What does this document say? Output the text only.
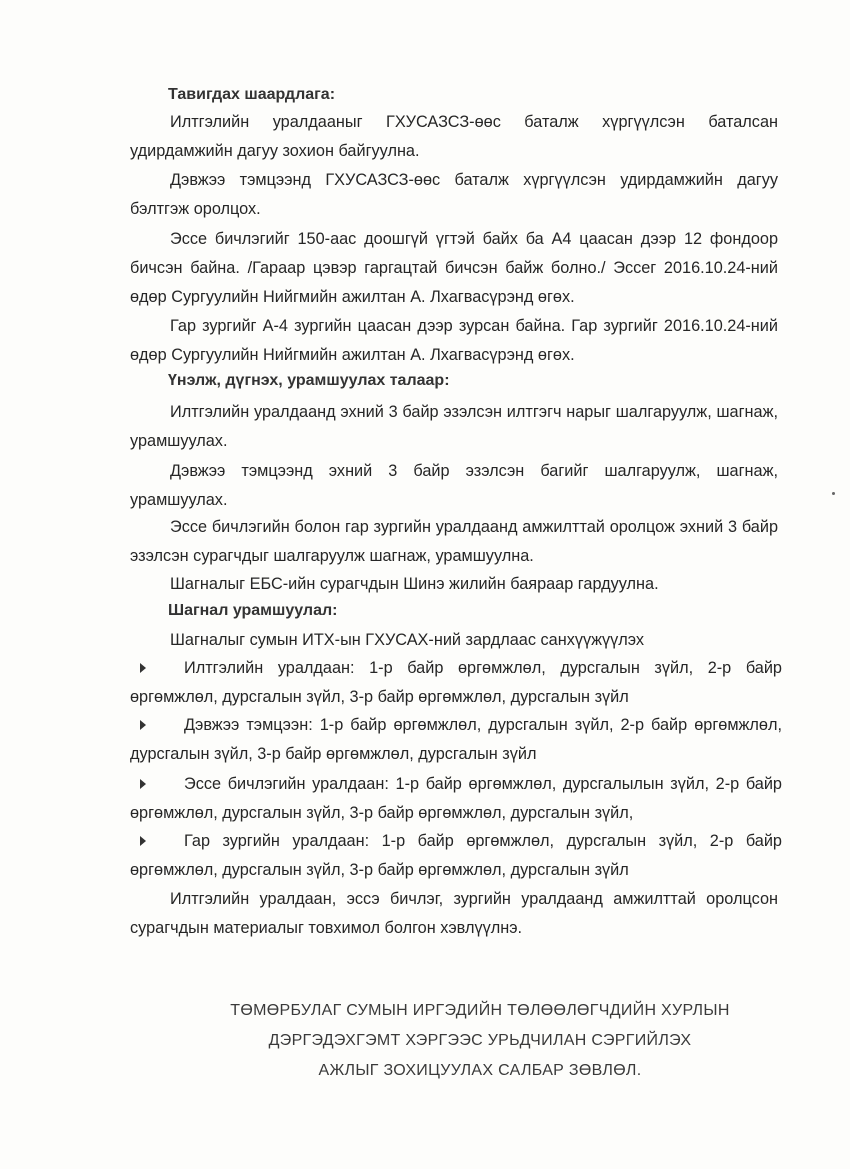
Тавигдах шаардлага:
Илтгэлийн уралдааныг ГХУСАЗСЗ-өөс баталж хүргүүлсэн баталсан удирдамжийн дагуу зохион байгуулна.
Дэвжээ тэмцээнд ГХУСАЗСЗ-өөс баталж хүргүүлсэн удирдамжийн дагуу бэлтгэж оролцох.
Эссе бичлэгийг 150-аас доошгүй үгтэй байх ба А4 цаасан дээр 12 фондоор бичсэн байна. /Гараар цэвэр гаргацтай бичсэн байж болно./ Эссег 2016.10.24-ний өдөр Сургуулийн Нийгмийн ажилтан А. Лхагвасүрэнд өгөх.
Гар зургийг А-4 зургийн цаасан дээр зурсан байна. Гар зургийг 2016.10.24-ний өдөр Сургуулийн Нийгмийн ажилтан А. Лхагвасүрэнд өгөх.
Үнэлж, дүгнэх, урамшуулах талаар:
Илтгэлийн уралдаанд эхний 3 байр эзэлсэн илтгэгч нарыг шалгаруулж, шагнаж, урамшуулах.
Дэвжээ тэмцээнд эхний 3 байр эзэлсэн багийг шалгаруулж, шагнаж, урамшуулах.
Эссе бичлэгийн болон гар зургийн уралдаанд амжилттай оролцож эхний 3 байр эзэлсэн сурагчдыг шалгаруулж шагнаж, урамшуулна.
Шагналыг ЕБС-ийн сурагчдын Шинэ жилийн баяраар гардуулна.
Шагнал урамшуулал:
Шагналыг сумын ИТХ-ын ГХУСАХ-ний зардлаас санхүүжүүлэх
Илтгэлийн уралдаан: 1-р байр өргөмжлөл, дурсгалын зүйл, 2-р байр өргөмжлөл, дурсгалын зүйл, 3-р байр өргөмжлөл, дурсгалын зүйл
Дэвжээ тэмцээн: 1-р байр өргөмжлөл, дурсгалын зүйл, 2-р байр өргөмжлөл, дурсгалын зүйл, 3-р байр өргөмжлөл, дурсгалын зүйл
Эссе бичлэгийн уралдаан: 1-р байр өргөмжлөл, дурсгалылын зүйл, 2-р байр өргөмжлөл, дурсгалын зүйл, 3-р байр өргөмжлөл, дурсгалын зүйл,
Гар зургийн уралдаан: 1-р байр өргөмжлөл, дурсгалын зүйл, 2-р байр өргөмжлөл, дурсгалын зүйл, 3-р байр өргөмжлөл, дурсгалын зүйл
Илтгэлийн уралдаан, эссэ бичлэг, зургийн уралдаанд амжилттай оролцсон сурагчдын материалыг товхимол болгон хэвлүүлнэ.
ТӨМӨРБУЛАГ СУМЫН ИРГЭДИЙН ТӨЛӨӨЛӨГЧДИЙН ХУРЛЫН
ДЭРГЭДЭХГЭМТ ХЭРГЭЭС УРЬДЧИЛАН СЭРГИЙЛЭХ
АЖЛЫГ ЗОХИЦУУЛАХ САЛБАР ЗӨВЛӨЛ.
